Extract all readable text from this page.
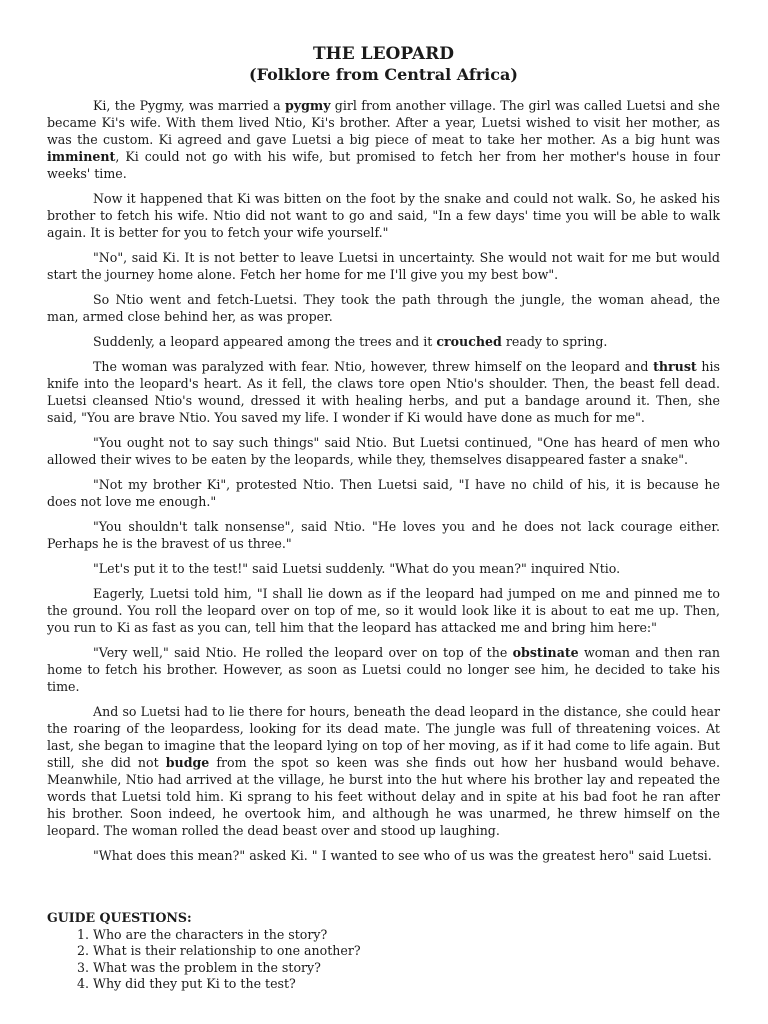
THE LEOPARD
(Folklore from Central Africa)

Ki, the Pygmy, was married a pygmy girl from another village. The girl was called Luetsi and she became Ki's wife. With them lived Ntio, Ki's brother. After a year, Luetsi wished to visit her mother, as was the custom. Ki agreed and gave Luetsi a big piece of meat to take her mother. As a big hunt was imminent, Ki could not go with his wife, but promised to fetch her from her mother's house in four weeks' time.

Now it happened that Ki was bitten on the foot by the snake and could not walk. So, he asked his brother to fetch his wife. Ntio did not want to go and said, "In a few days' time you will be able to walk again. It is better for you to fetch your wife yourself."

"No", said Ki. It is not better to leave Luetsi in uncertainty. She would not wait for me but would start the journey home alone. Fetch her home for me I'll give you my best bow".

So Ntio went and fetch-Luetsi. They took the path through the jungle, the woman ahead, the man, armed close behind her, as was proper.

Suddenly, a leopard appeared among the trees and it crouched ready to spring.

The woman was paralyzed with fear. Ntio, however, threw himself on the leopard and thrust his knife into the leopard's heart. As it fell, the claws tore open Ntio's shoulder. Then, the beast fell dead. Luetsi cleansed Ntio's wound, dressed it with healing herbs, and put a bandage around it. Then, she said, "You are brave Ntio. You saved my life. I wonder if Ki would have done as much for me".

"You ought not to say such things" said Ntio. But Luetsi continued, "One has heard of men who allowed their wives to be eaten by the leopards, while they, themselves disappeared faster a snake".

"Not my brother Ki", protested Ntio. Then Luetsi said, "I have no child of his, it is because he does not love me enough."

"You shouldn't talk nonsense", said Ntio. "He loves you and he does not lack courage either. Perhaps he is the bravest of us three."

"Let's put it to the test!" said Luetsi suddenly. "What do you mean?" inquired Ntio.

Eagerly, Luetsi told him, "I shall lie down as if the leopard had jumped on me and pinned me to the ground. You roll the leopard over on top of me, so it would look like it is about to eat me up. Then, you run to Ki as fast as you can, tell him that the leopard has attacked me and bring him here:"

"Very well," said Ntio. He rolled the leopard over on top of the obstinate woman and then ran home to fetch his brother. However, as soon as Luetsi could no longer see him, he decided to take his time.

And so Luetsi had to lie there for hours, beneath the dead leopard in the distance, she could hear the roaring of the leopardess, looking for its dead mate. The jungle was full of threatening voices. At last, she began to imagine that the leopard lying on top of her moving, as if it had come to life again. But still, she did not budge from the spot so keen was she finds out how her husband would behave. Meanwhile, Ntio had arrived at the village, he burst into the hut where his brother lay and repeated the words that Luetsi told him. Ki sprang to his feet without delay and in spite at his bad foot he ran after his brother. Soon indeed, he overtook him, and although he was unarmed, he threw himself on the leopard. The woman rolled the dead beast over and stood up laughing.

"What does this mean?" asked Ki. " I wanted to see who of us was the greatest hero" said Luetsi.

GUIDE QUESTIONS:
1. Who are the characters in the story?
2. What is their relationship to one another?
3. What was the problem in the story?
4. Why did they put Ki to the test?
